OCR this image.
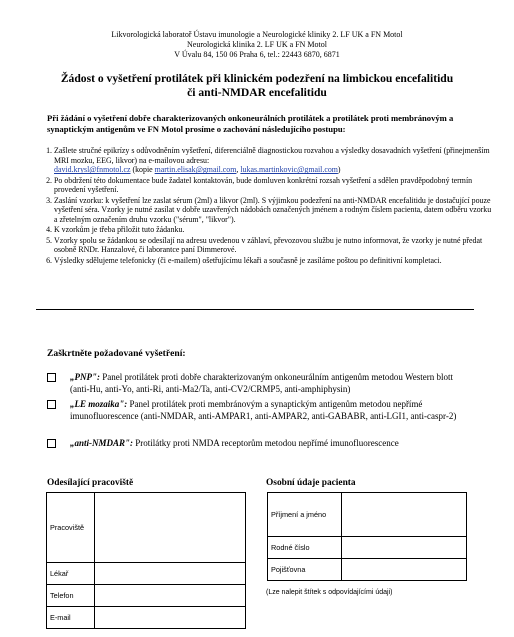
Likvorologická laboratoř Ústavu imunologie a Neurologické kliniky 2. LF UK a FN Motol
Neurologická klinika 2. LF UK a FN Motol
V Úvalu 84, 150 06 Praha 6, tel.: 22443 6870, 6871
Žádost o vyšetření protilátek při klinickém podezření na limbickou encefalitidu
či anti-NMDAR encefalitidu
Při žádání o vyšetření dobře charakterizovaných onkoneurálních protilátek a protilátek proti membránovým a synaptickým antigenům ve FN Motol prosíme o zachování následujícího postupu:
1. Zašlete stručné epikrízy s odůvodněním vyšetření, diferenciálně diagnostickou rozvahou a výsledky dosavadních vyšetření (přinejmenším MRI mozku, EEG, likvor) na e-mailovou adresu:
david.krysl@fnmotol.cz (kopie martin.elisak@gmail.com, lukas.martinkovic@gmail.com)
2. Po obdržení této dokumentace bude žadatel kontaktován, bude domluven konkrétní rozsah vyšetření a sdělen pravděpodobný termín provedení vyšetření.
3. Zaslání vzorku: k vyšetření lze zaslat sérum (2ml) a likvor (2ml). S výjimkou podezření na anti-NMDAR encefalitidu je dostačující pouze vyšetření séra. Vzorky je nutné zasílat v dobře uzavřených nádobách označených jménem a rodným číslem pacienta, datem odběru vzorku a zřetelným označením druhu vzorku ("sérum", "likvor").
4. K vzorkům je třeba přiložit tuto žádanku.
5. Vzorky spolu se žádankou se odesílají na adresu uvedenou v záhlaví, převozovou službu je nutno informovat, že vzorky je nutné předat osobně RNDr. Hanzalové, či laborantce paní Dimmerové.
6. Výsledky sdělujeme telefonicky (či e-mailem) ošetřujícímu lékaři a současně je zasíláme poštou po definitivní kompletaci.
Zaškrtněte požadované vyšetření:
„PNP": Panel protilátek proti dobře charakterizovaným onkoneurálním antigenům metodou Western blott (anti-Hu, anti-Yo, anti-Ri, anti-Ma2/Ta, anti-CV2/CRMP5, anti-amphiphysin)
„LE mozaika": Panel protilátek proti membránovým a synaptickým antigenům metodou nepřímé imunofluorescence (anti-NMDAR, anti-AMPAR1, anti-AMPAR2, anti-GABABR, anti-LGI1, anti-caspr-2)
„anti-NMDAR": Protilátky proti NMDA receptorům metodou nepřímé imunofluorescence
Odesílající pracoviště
Pracoviště	
Lékař	
Telefon	
E-mail	
Osobní údaje pacienta
Příjmení a jméno	
Rodné číslo	
Pojišťovna	
(Lze nalepit štítek s odpovídajícími údaji)
